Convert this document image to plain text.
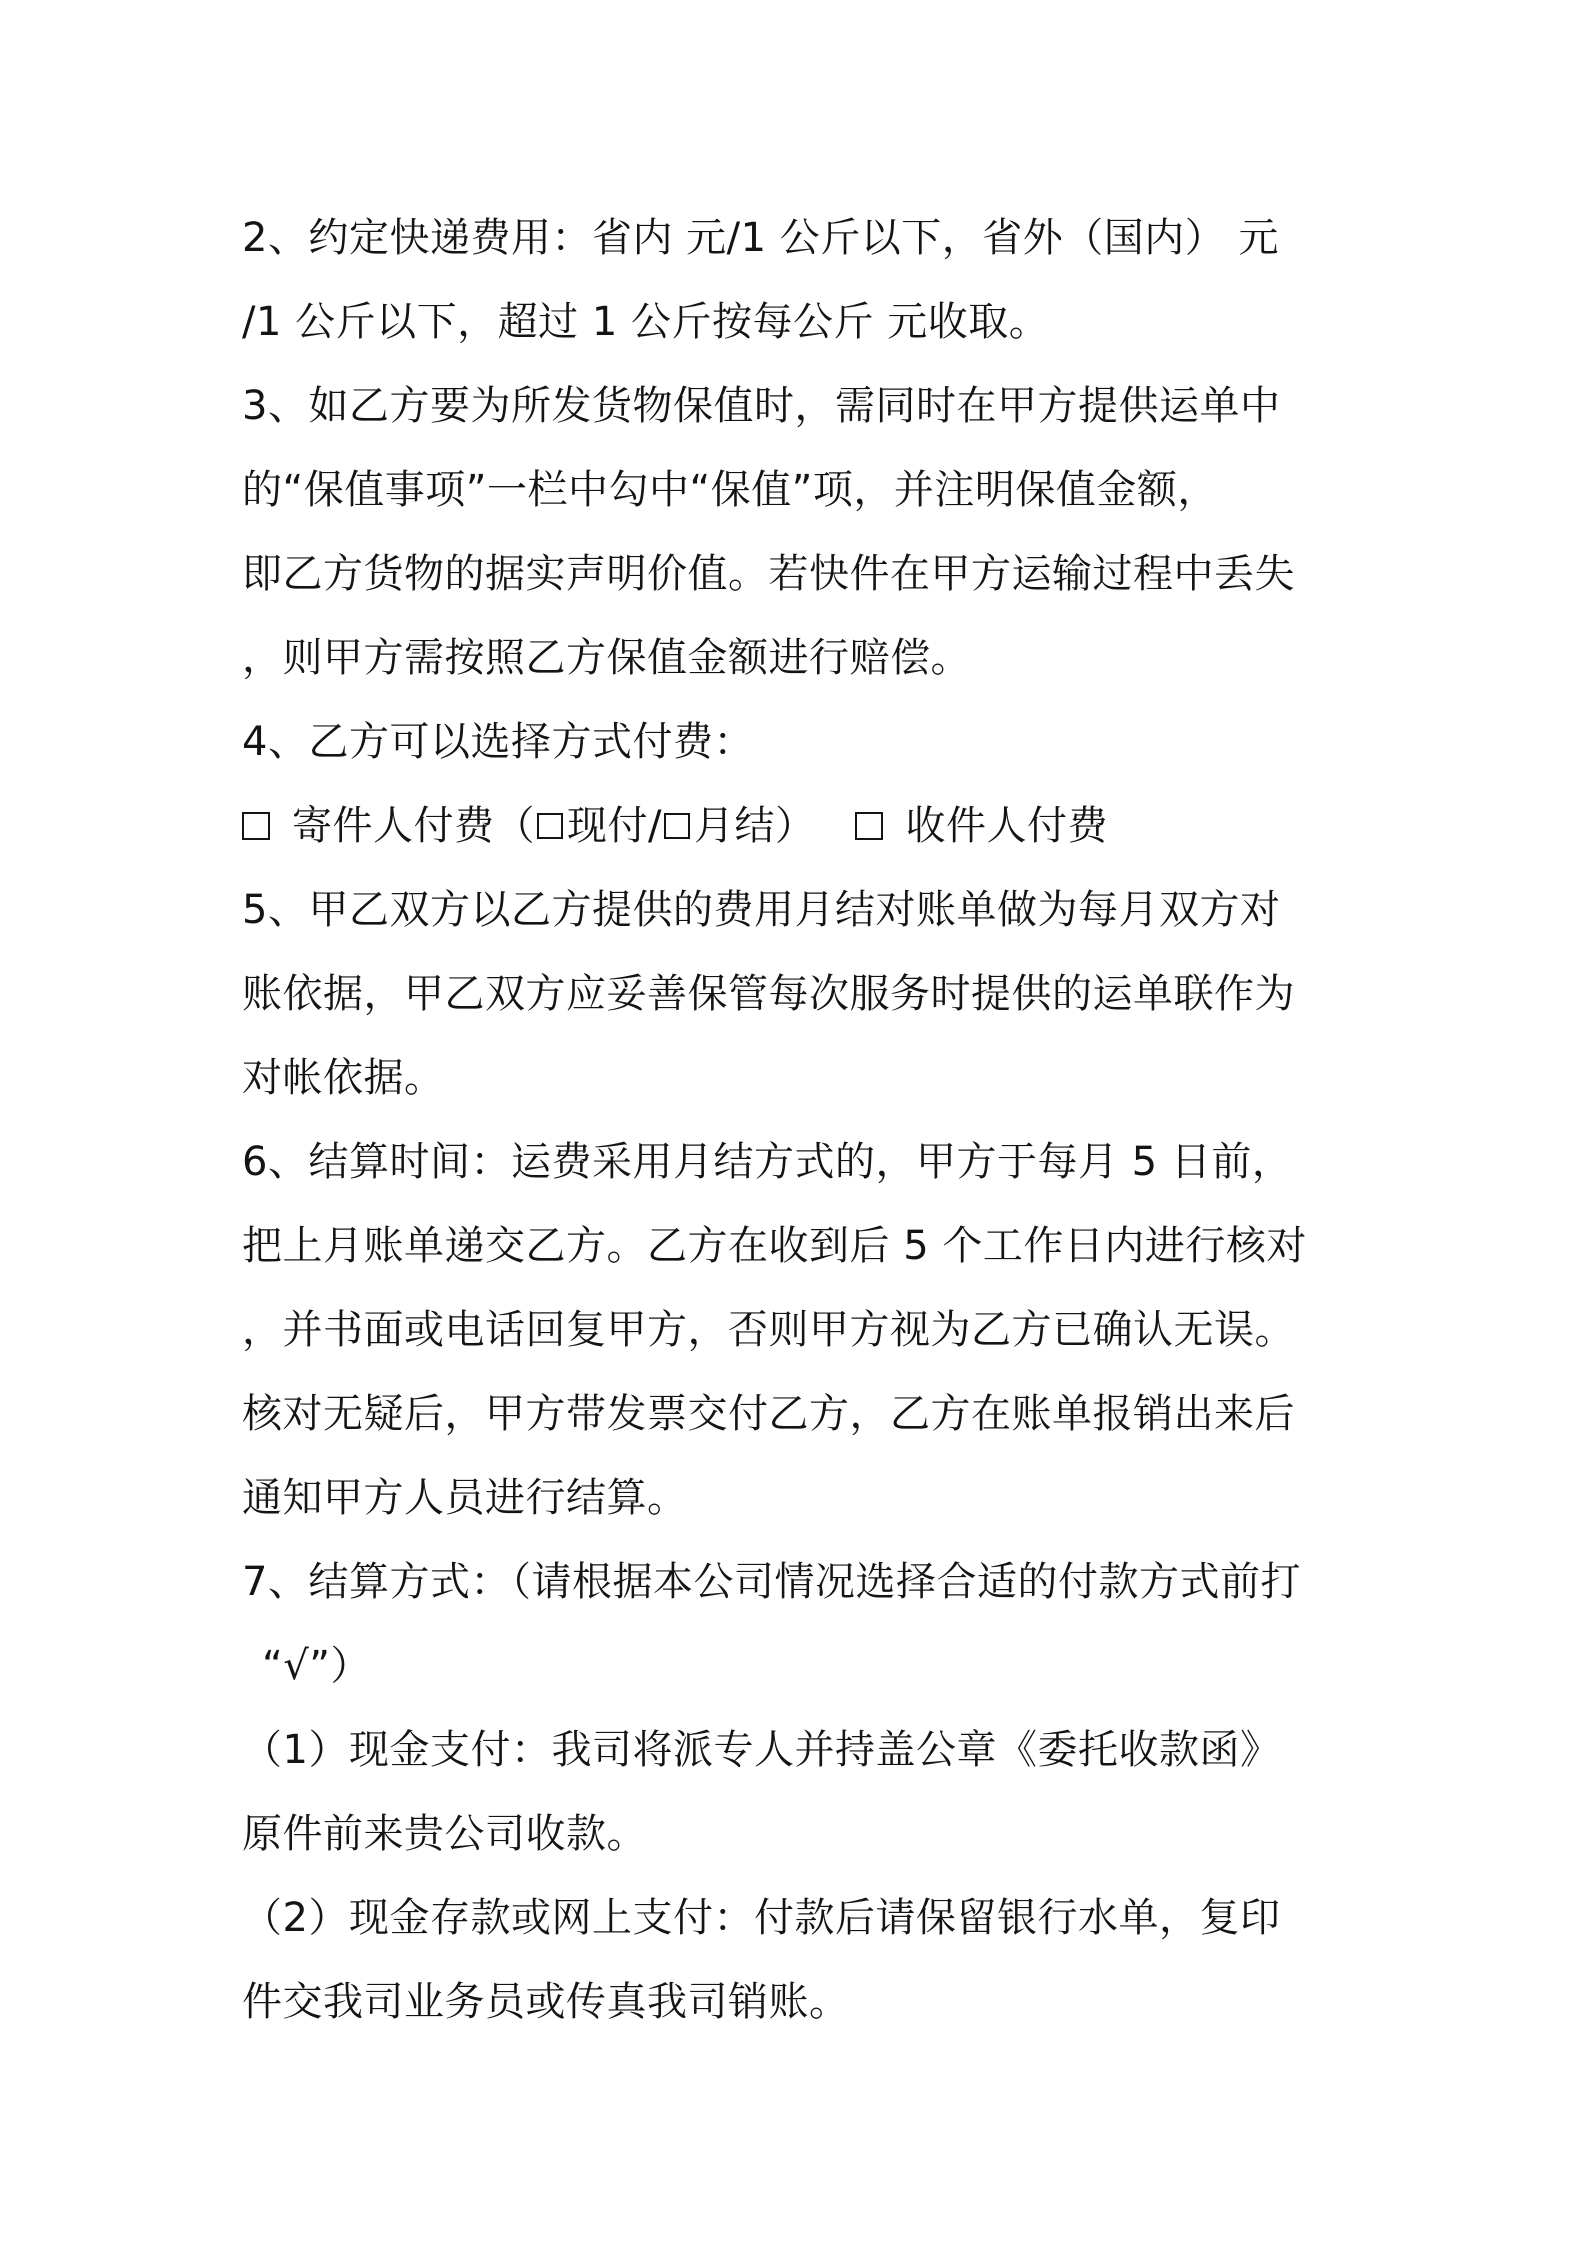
2、约定快递费用：省内 元/1 公斤以下，省外（国内） 元
/1 公斤以下，超过 1 公斤按每公斤 元收取。
3、如乙方要为所发货物保值时，需同时在甲方提供运单中
的“保值事项”一栏中勾中“保值”项，并注明保值金额，
即乙方货物的据实声明价值。若快件在甲方运输过程中丢失
，则甲方需按照乙方保值金额进行赔偿。
4、乙方可以选择方式付费：
寄件人付费（ 现付/ 月结） 收件人付费
5、甲乙双方以乙方提供的费用月结对账单做为每月双方对
账依据，甲乙双方应妥善保管每次服务时提供的运单联作为
对帐依据。
6、结算时间：运费采用月结方式的，甲方于每月 5 日前，
把上月账单递交乙方。乙方在收到后 5 个工作日内进行核对
，并书面或电话回复甲方，否则甲方视为乙方已确认无误。
核对无疑后，甲方带发票交付乙方，乙方在账单报销出来后
通知甲方人员进行结算。
7、结算方式：（请根据本公司情况选择合适的付款方式前打
“√”）
（1）现金支付：我司将派专人并持盖公章《委托收款函》
原件前来贵公司收款。
（2）现金存款或网上支付：付款后请保留银行水单，复印
件交我司业务员或传真我司销账。
